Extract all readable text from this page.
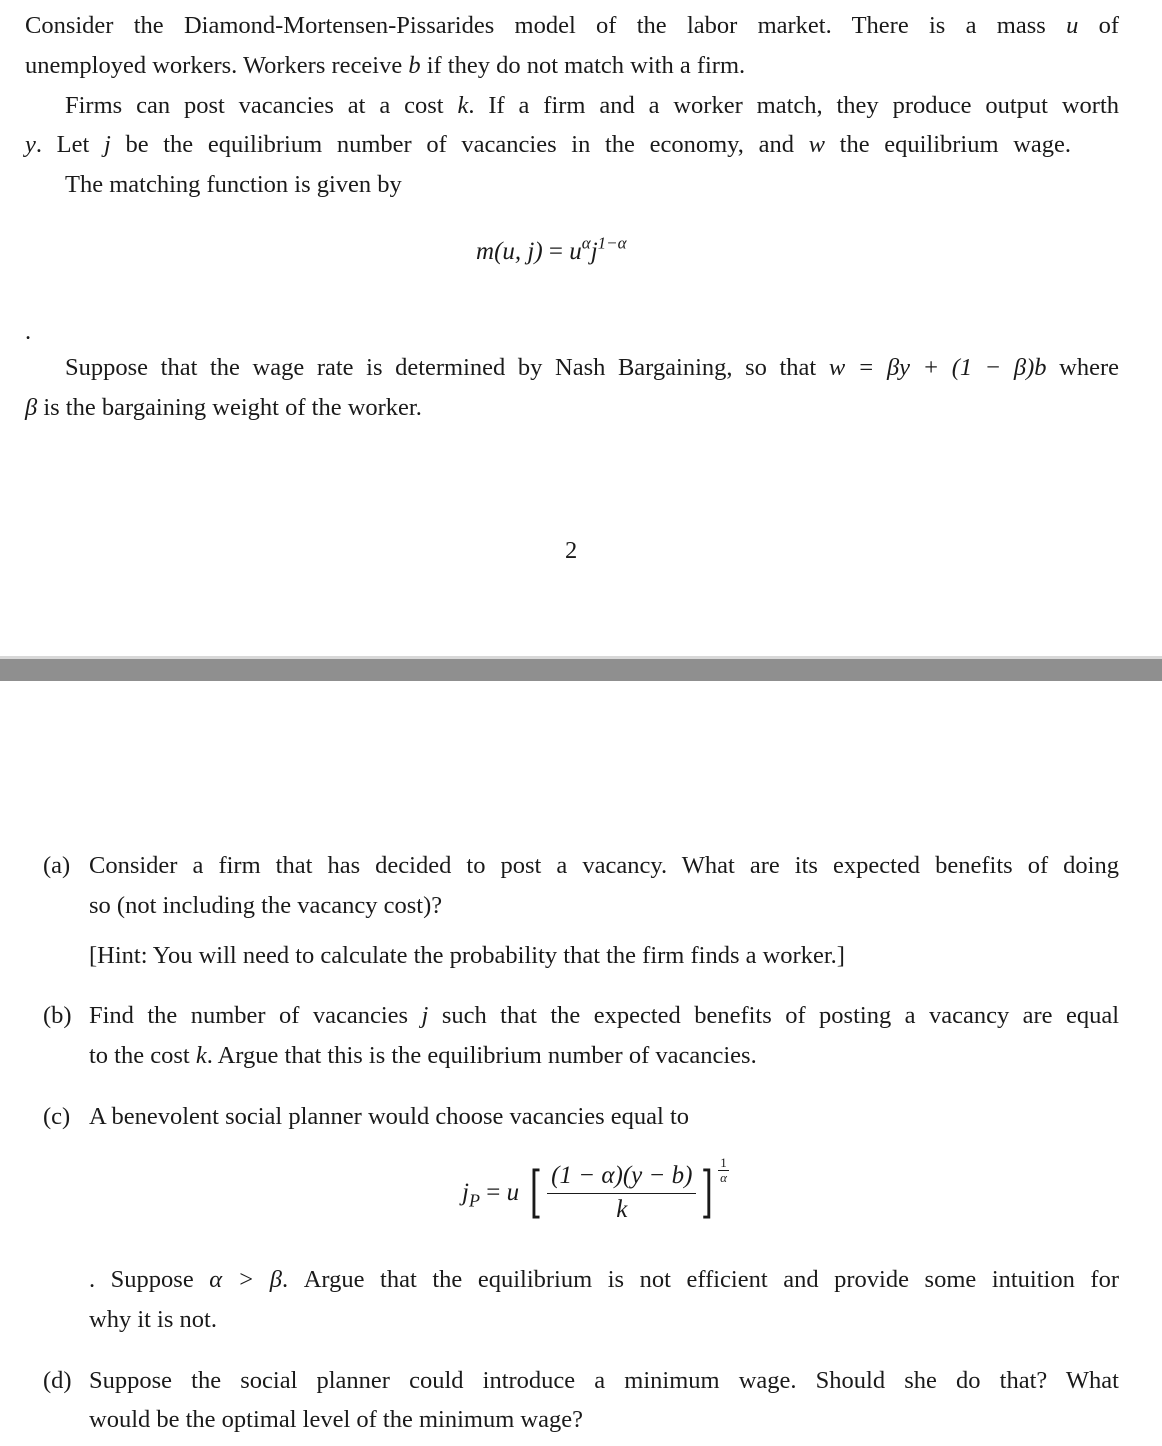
Consider the Diamond-Mortensen-Pissarides model of the labor market. There is a mass u of
unemployed workers. Workers receive b if they do not match with a firm.
Firms can post vacancies at a cost k. If a firm and a worker match, they produce output worth
y. Let j be the equilibrium number of vacancies in the economy, and w the equilibrium wage.
The matching function is given by
m(u, $j) = u^\alpha j^{1-\alpha}$
.
Suppose that the wage rate is determined by Nash Bargaining, so that w = βy + (1 − β)b where
β is the bargaining weight of the worker.
2
(a) Consider a firm that has decided to post a vacancy. What are its expected benefits of doing
so (not including the vacancy cost)?
[Hint: You will need to calculate the probability that the firm finds a worker.]
(b) Find the number of vacancies j such that the expected benefits of posting a vacancy are equal
to the cost k. Argue that this is the equilibrium number of vacancies.
(c) A benevolent social planner would choose vacancies equal to
$j_P = u$ [ $\frac{(1 - \alpha)(y - b)}{k}$ ] $\frac{1}{\alpha}$
. Suppose α > β. Argue that the equilibrium is not efficient and provide some intuition for
why it is not.
(d) Suppose the social planner could introduce a minimum wage. Should she do that? What
would be the optimal level of the minimum wage?
